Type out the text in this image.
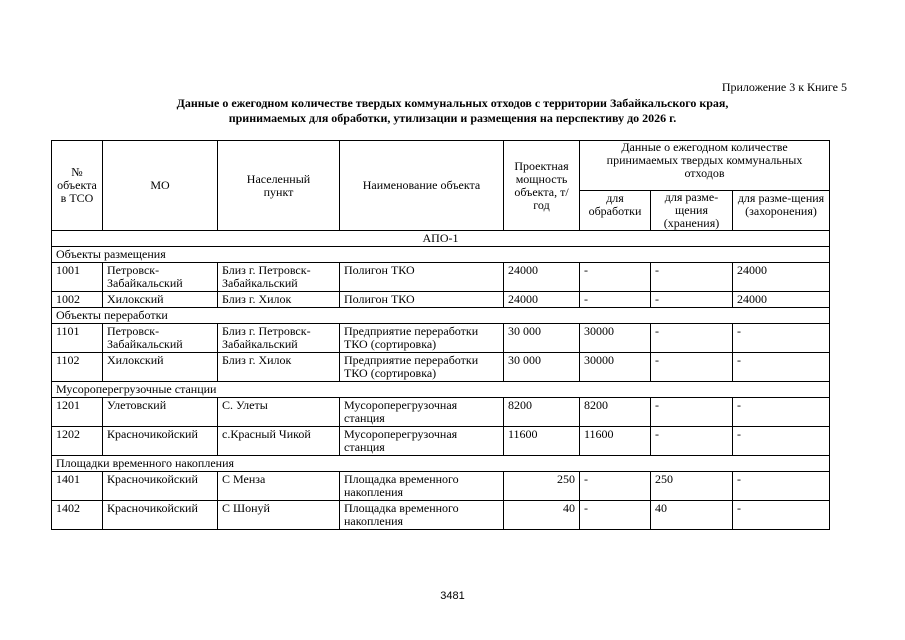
Приложение 3 к Книге 5
Данные о ежегодном количестве твердых коммунальных отходов с территории Забайкальского края,
принимаемых для обработки, утилизации и размещения на перспективу до 2026 г.
№ объекта в ТСО	МО	Населенный пункт	Наименование объекта	Проектная мощность объекта, т/год	Данные о ежегодном количестве принимаемых твердых коммунальных отходов		
					для обработки	для разме-щения (хранения)	для разме-щения (захоронения)
АПО-1							
Объекты размещения							
1001	Петровск-Забайкальский	Близ г. Петровск-Забайкальский	Полигон ТКО	24000	-	-	24000
1002	Хилокский	Близ г. Хилок	Полигон ТКО	24000	-	-	24000
Объекты переработки							
1101	Петровск-Забайкальский	Близ г. Петровск-Забайкальский	Предприятие переработки ТКО (сортировка)	30 000	30000	-	-
1102	Хилокский	Близ г. Хилок	Предприятие переработки ТКО (сортировка)	30 000	30000	-	-
Мусороперегрузочные станции							
1201	Улетовский	С. Улеты	Мусороперегрузочная станция	8200	8200	-	-
1202	Красночикойский	с.Красный Чикой	Мусороперегрузочная станция	11600	11600	-	-
Площадки временного накопления							
1401	Красночикойский	С Менза	Площадка временного накопления	250	-	250	-
1402	Красночикойский	С Шонуй	Площадка временного накопления	40	-	40	-
3481
